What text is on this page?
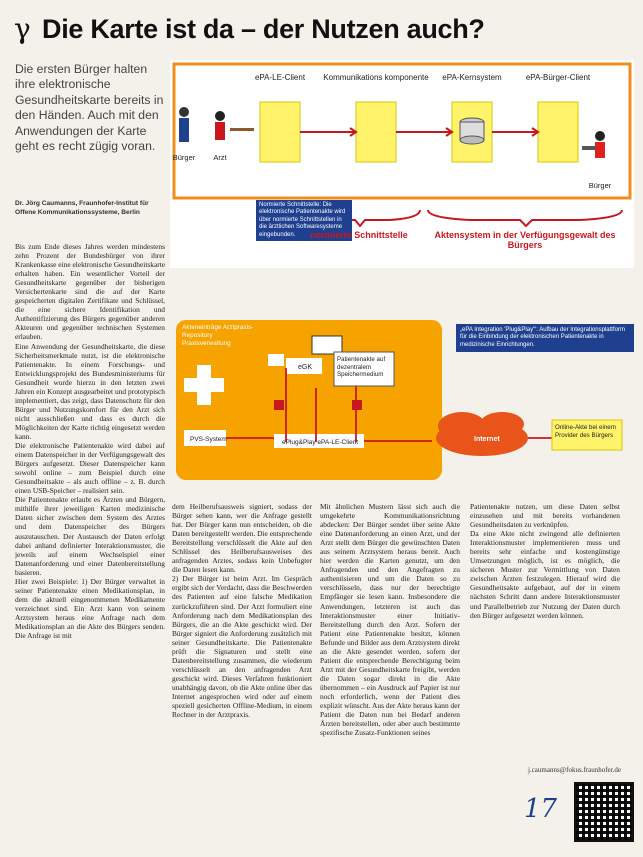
γ Die Karte ist da – der Nutzen auch?
Die ersten Bürger halten ihre elektronische Gesundheitskarte bereits in den Händen. Auch mit den Anwendungen der Karte geht es recht zügig voran.
Dr. Jörg Caumanns, Fraunhofer-Institut für Offene Kommunikationssysteme, Berlin
ePA-LE-Client Kommunikations komponente ePA-Kernsystem	ePA-Bürger-Client
Bürger Arzt
Bürger
Normierte Schnittstelle: Die elektronische Patientenakte wird über normierte Schnittstellen in die ärztlichen Softwaresysteme eingebunden.	normierte Schnittstelle	Aktensystem in der Verfügungsgewalt des Bürgers
eGK
PVS-System	ePlug&Play ePA-LE-Client	Internet
Akteneinträge Arztpraxis-Repository Praxisverwaltung
Patientenakte auf dezentralem Speichermedium
Online-Akte bei einem Provider des Bürgers
„ePA Integration 'Plug&Play'“: Aufbau der Integrationsplattform für die Einbindung der elektronischen Patientenakte in medizinische Einrichtungen.
Bis zum Ende dieses Jahres werden mindestens zehn Prozent der Bundesbürger von ihrer Krankenkasse eine elektronische Gesundheitskarte erhalten haben. Ein wesentlicher Vorteil der Gesundheitskarte gegenüber der bisherigen Versichertenkarte sind die auf der Karte gespeicherten digitalen Zertifikate und Schlüssel, die eine sichere Identifikation und Authentifizierung des Bürgers gegenüber anderen Akteuren und gegenüber technischen Systemen erlauben.
Eine Anwendung der Gesundheitskarte, die diese Sicherheitsmerkmale nutzt, ist die elektronische Patientenakte. In einem Forschungs- und Entwicklungsprojekt des Bundesministeriums für Gesundheit wurde hierzu in den letzten zwei Jahren ein Konzept ausgearbeitet und prototypisch implementiert, das zeigt, dass Datenschutz für den Bürger und Nutzungskomfort für den Arzt sich nicht ausschließen und dass es durch die Möglichkeiten der Karte richtig eingesetzt werden kann.
Die elektronische Patientenakte wird dabei auf einem Datenspeicher in der Verfügungsgewalt des Bürgers aufgesetzt. Dieser Datenspeicher kann sowohl online – zum Beispiel durch eine Gesundheitsakte – als auch offline – z. B. durch einen USB-Speicher – realisiert sein.
Die Patientenakte erlaubt es Ärzten und Bürgern, mithilfe ihrer jeweiligen Karten medizinische Daten sicher zwischen dem System des Arztes und dem Datenspeicher des Bürgers auszutauschen. Der Austausch der Daten erfolgt dabei anhand definierter Interaktionsmuster, die jeweils auf einem Wechselspiel einer Datenanforderung und einer Datenbereitstellung basieren.
Hier zwei Beispiele: 1) Der Bürger verwaltet in seiner Patientenakte einen Medikationsplan, in dem die aktuell eingenommenen Medikamente verzeichnet sind. Ein Arzt kann von seinem Arztsystem heraus eine Anfrage nach dem Medikationsplan an die Akte des Bürgers senden. Die Anfrage ist mit
dem Heilberufsausweis signiert, sodass der Bürger sehen kann, wer die Anfrage gestellt hat. Der Bürger kann nun entscheiden, ob die Daten bereitgestellt werden. Die entsprechende Bereitstellung verschlüsselt die Akte auf den Schlüssel des Heilberufsausweises des anfragenden Arztes, sodass kein Unbefugter die Daten lesen kann.
2) Der Bürger ist beim Arzt. Im Gespräch ergibt sich der Verdacht, dass die Beschwerden des Patienten auf eine falsche Medikation zurückzuführen sind. Der Arzt formuliert eine Anforderung nach dem Medikationsplan des Bürgers, die an die Akte geschickt wird. Der Bürger signiert die Anforderung zusätzlich mit seiner Gesundheitskarte. Die Patientenakte prüft die Signaturen und stellt eine Datenbereitstellung zusammen, die wiederum verschlüsselt an den anfragenden Arzt geschickt wird. Dieses Verfahren funktioniert unabhängig davon, ob die Akte online über das Internet angesprochen wird oder auf einem speziell gesicherten Offline-Medium, in einem Rechner in der Arztpraxis.
Mit ähnlichen Mustern lässt sich auch die umgekehrte Kommunikationsrichtung abdecken: Der Bürger sendet über seine Akte eine Datenanforderung an einen Arzt, und der Arzt stellt dem Bürger die gewünschten Daten aus seinem Arztsystem heraus bereit. Auch hier werden die Karten genutzt, um den Anfragenden und den Angefragten zu authentisieren und um die Daten so zu verschlüsseln, dass nur der berechtigte Empfänger sie lesen kann. Insbesondere die Anwendungen, letzteren ist auch das Interaktionsmuster einer Initiativ-Bereitstellung durch den Arzt. Sofern der Patient eine Patientenakte besitzt, können Befunde und Bilder aus dem Arztsystem direkt an die Akte gesendet werden, sofern der Patient die entsprechende Berechtigung beim Arzt mit der Gesundheitskarte freigibt, werden die Daten sogar direkt in die Akte übernommen – ein Ausdruck auf Papier ist nur noch erforderlich, wenn der Patient dies explizit wünscht. Aus der Akte heraus kann der Patient die Daten nun bei Bedarf anderen Ärzten bereitstellen, oder aber auch bestimmte spezifische Zusatz-Funktionen seines
Patientenakte nutzen, um diese Daten selbst einzusehen und mit bereits vorhandenen Gesundheitsdaten zu verknüpfen.
Da eine Akte nicht zwingend alle definierten Interaktionsmuster implementieren muss und bereits sehr einfache und kostengünstige Umsetzungen möglich, ist es möglich, die sicheren Muster zur Vermittlung von Daten zwischen Ärzten festzulegen. Hierauf wird die Gesundheitsakte aufgebaut, auf der in einem nächsten Schritt dann andere Interaktionsmuster und Parallelbetrieb zur Nutzung der Daten durch den Bürger aufgesetzt werden können.
j.caumanns@fokus.fraunhofer.de
17
